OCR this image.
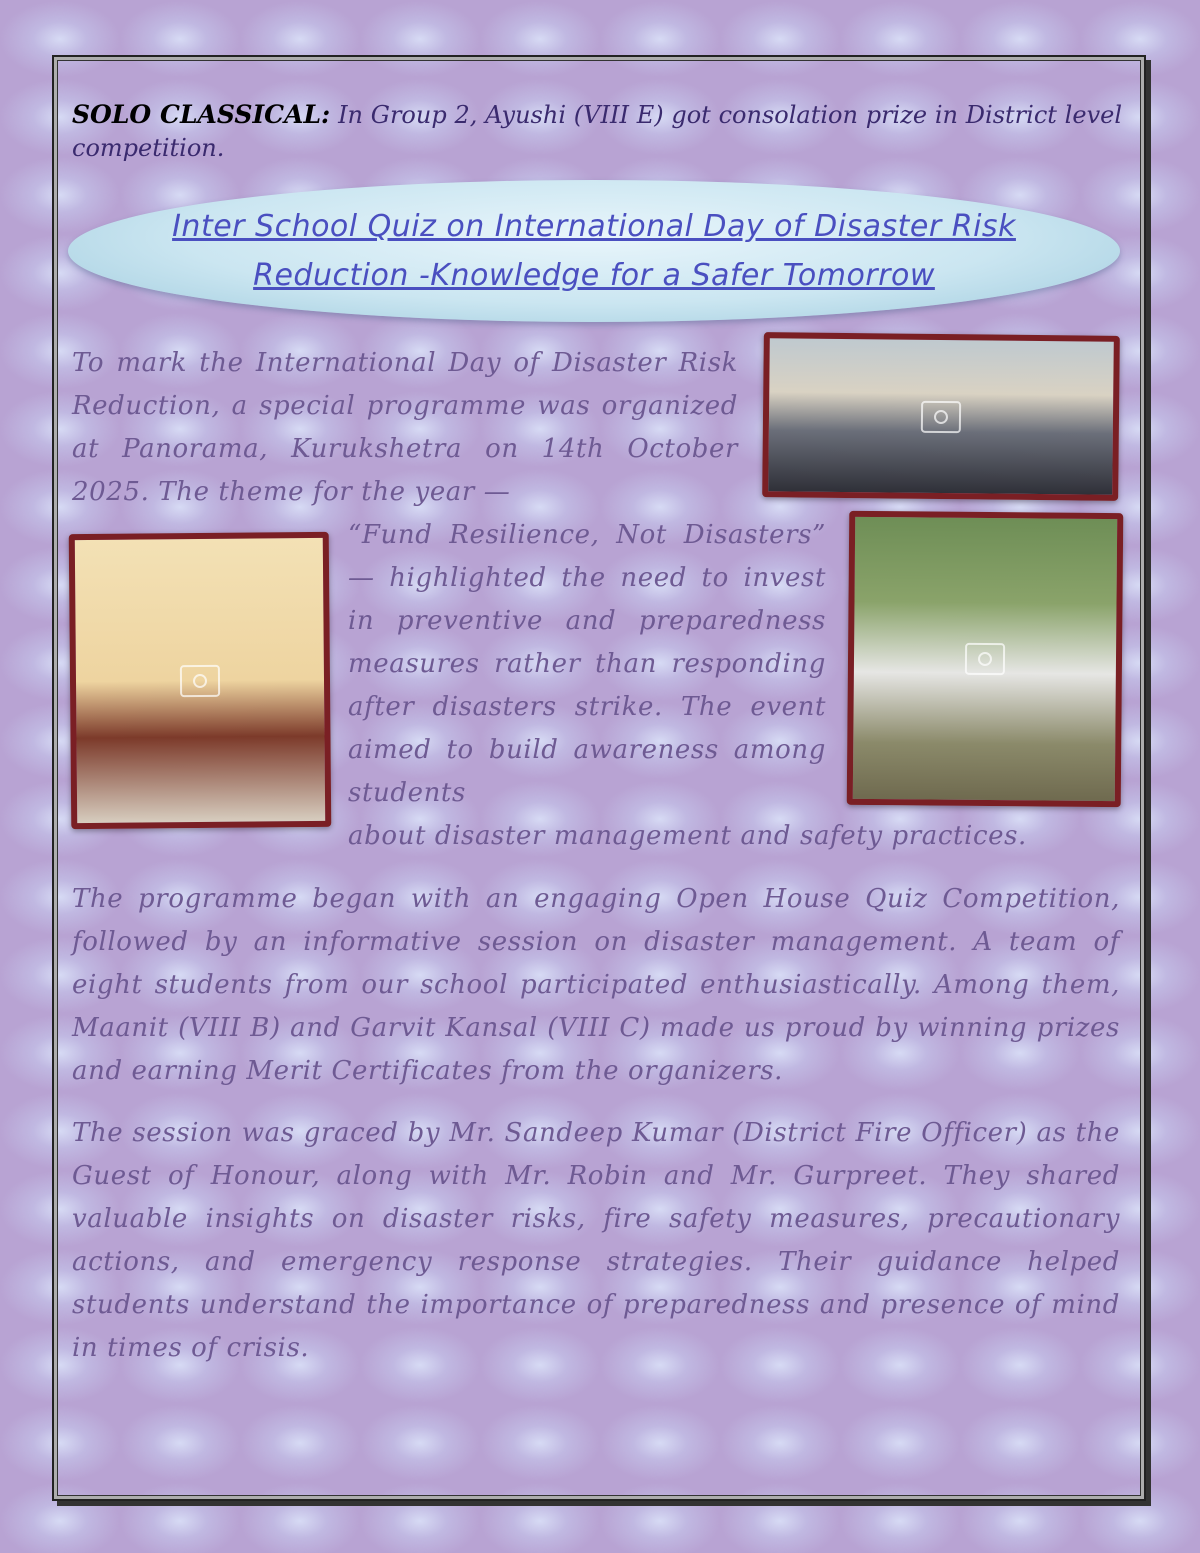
SOLO CLASSICAL: In Group 2, Ayushi (VIII E) got consolation prize in District level competition.
Inter School Quiz on International Day of Disaster Risk Reduction -Knowledge for a Safer Tomorrow
To mark the International Day of Disaster Risk Reduction, a special programme was organized at Panorama, Kurukshetra on 14th October 2025. The theme for the year —
“Fund Resilience, Not Disasters” — highlighted the need to invest in preventive and preparedness measures rather than responding after disasters strike. The event aimed to build awareness among students
about disaster management and safety practices.
The programme began with an engaging Open House Quiz Competition, followed by an informative session on disaster management. A team of eight students from our school participated enthusiastically. Among them, Maanit (VIII B) and Garvit Kansal (VIII C) made us proud by winning prizes and earning Merit Certificates from the organizers.
The session was graced by Mr. Sandeep Kumar (District Fire Officer) as the Guest of Honour, along with Mr. Robin and Mr. Gurpreet. They shared valuable insights on disaster risks, fire safety measures, precautionary actions, and emergency response strategies. Their guidance helped students understand the importance of preparedness and presence of mind in times of crisis.
